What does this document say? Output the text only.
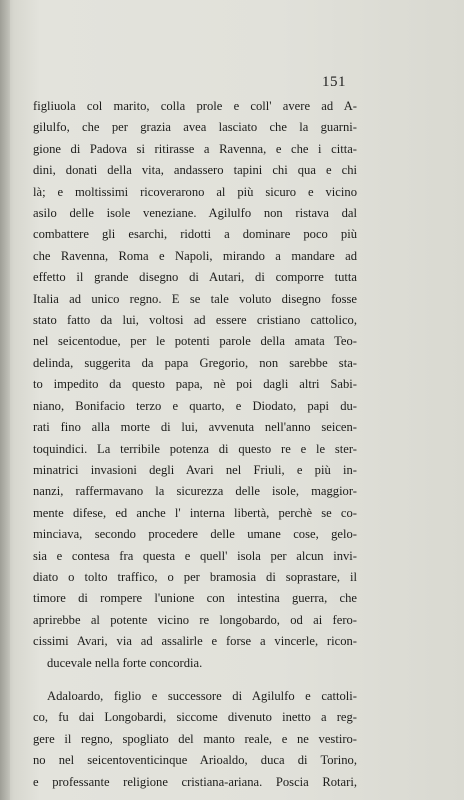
151
figliuola col marito, colla prole e coll' avere ad A-
gilulfo, che per grazia avea lasciato che la guarni-
gione di Padova si ritirasse a Ravenna, e che i citta-
dini, donati della vita, andassero tapini chi qua e chi
là; e moltissimi ricoverarono al più sicuro e vicino
asilo delle isole veneziane. Agilulfo non ristava dal
combattere gli esarchi, ridotti a dominare poco più
che Ravenna, Roma e Napoli, mirando a mandare ad
effetto il grande disegno di Autari, di comporre tutta
Italia ad unico regno. E se tale voluto disegno fosse
stato fatto da lui, voltosi ad essere cristiano cattolico,
nel seicentodue, per le potenti parole della amata Teo-
delinda, suggerita da papa Gregorio, non sarebbe sta-
to impedito da questo papa, nè poi dagli altri Sabi-
niano, Bonifacio terzo e quarto, e Diodato, papi du-
rati fino alla morte di lui, avvenuta nell'anno seicen-
toquindici. La terribile potenza di questo re e le ster-
minatrici invasioni degli Avari nel Friuli, e più in-
nanzi, raffermavano la sicurezza delle isole, maggior-
mente difese, ed anche l' interna libertà, perchè se co-
minciava, secondo procedere delle umane cose, gelo-
sia e contesa fra questa e quell' isola per alcun invi-
diato o tolto traffico, o per bramosia di soprastare, il
timore di rompere l'unione con intestina guerra, che
aprirebbe al potente vicino re longobardo, od ai fero-
cissimi Avari, via ad assalirle e forse a vincerle, ricon-
ducevale nella forte concordia.
Adaloardo, figlio e successore di Agilulfo e cattoli-
co, fu dai Longobardi, siccome divenuto inetto a reg-
gere il regno, spogliato del manto reale, e ne vestiro-
no nel seicentoventicinque Arioaldo, duca di Torino,
e professante religione cristiana-ariana. Poscia Rotari,
